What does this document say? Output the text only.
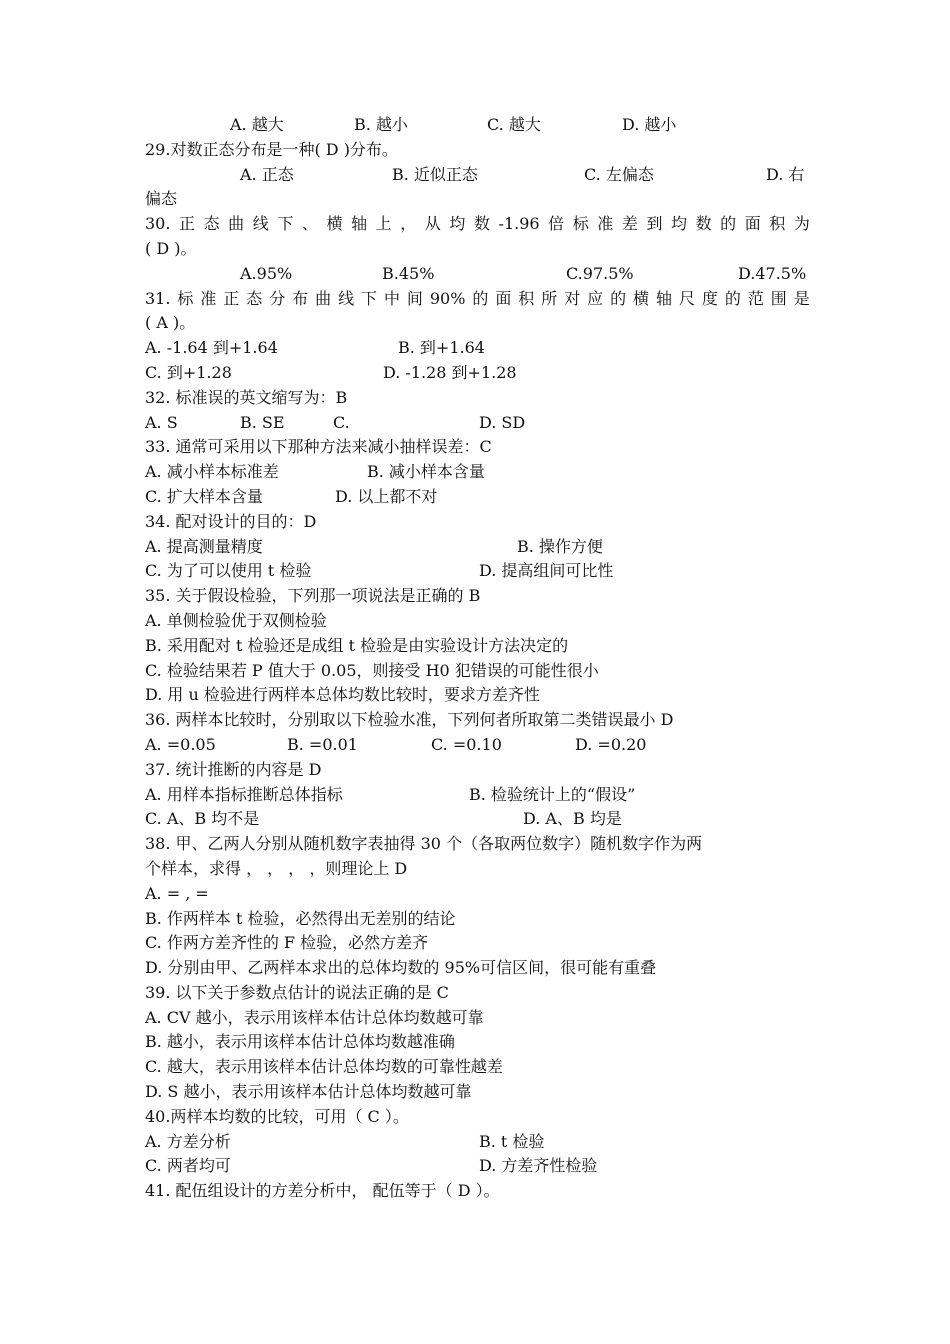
A. 越大	B. 越小	C. 越大	D. 越小
29.对数正态分布是一种( D )分布。
A. 正态	B. 近似正态	C. 左偏态	D. 右
偏态
30. 正 态 曲 线 下 、 横 轴 上 ， 从 均 数 -1.96 倍 标 准 差 到 均 数 的 面 积 为
( D )。
A.95%	B.45%	C.97.5%	D.47.5%
31. 标 准 正 态 分 布 曲 线 下 中 间 90% 的 面 积 所 对 应 的 横 轴 尺 度 的 范 围 是
( A )。
A. -1.64 到+1.64	B. 到+1.64
C. 到+1.28	D. -1.28 到+1.28
32. 标准误的英文缩写为：B
A. S	B. SE	C.	D. SD
33. 通常可采用以下那种方法来减小抽样误差：C
A. 减小样本标准差	B. 减小样本含量
C. 扩大样本含量	D. 以上都不对
34. 配对设计的目的：D
A. 提高测量精度	B. 操作方便
C. 为了可以使用 t 检验	D. 提高组间可比性
35. 关于假设检验，下列那一项说法是正确的 B
A. 单侧检验优于双侧检验
B. 采用配对 t 检验还是成组 t 检验是由实验设计方法决定的
C. 检验结果若 P 值大于 0.05，则接受 H0 犯错误的可能性很小
D. 用 u 检验进行两样本总体均数比较时，要求方差齐性
36. 两样本比较时，分别取以下检验水准，下列何者所取第二类错误最小 D
A. =0.05	B. =0.01	C. =0.10	D. =0.20
37. 统计推断的内容是 D
A. 用样本指标推断总体指标	B. 检验统计上的“假设”
C. A、B 均不是	D. A、B 均是
38. 甲、乙两人分别从随机数字表抽得 30 个（各取两位数字）随机数字作为两
个样本，求得 ， ， ， ，则理论上 D
A. = , =
B. 作两样本 t 检验，必然得出无差别的结论
C. 作两方差齐性的 F 检验，必然方差齐
D. 分别由甲、乙两样本求出的总体均数的 95%可信区间，很可能有重叠
39. 以下关于参数点估计的说法正确的是 C
A. CV 越小，表示用该样本估计总体均数越可靠
B. 越小，表示用该样本估计总体均数越准确
C. 越大，表示用该样本估计总体均数的可靠性越差
D. S 越小，表示用该样本估计总体均数越可靠
40.两样本均数的比较，可用（ C ）。
A. 方差分析	B. t 检验
C. 两者均可	D. 方差齐性检验
41. 配伍组设计的方差分析中， 配伍等于（ D ）。
